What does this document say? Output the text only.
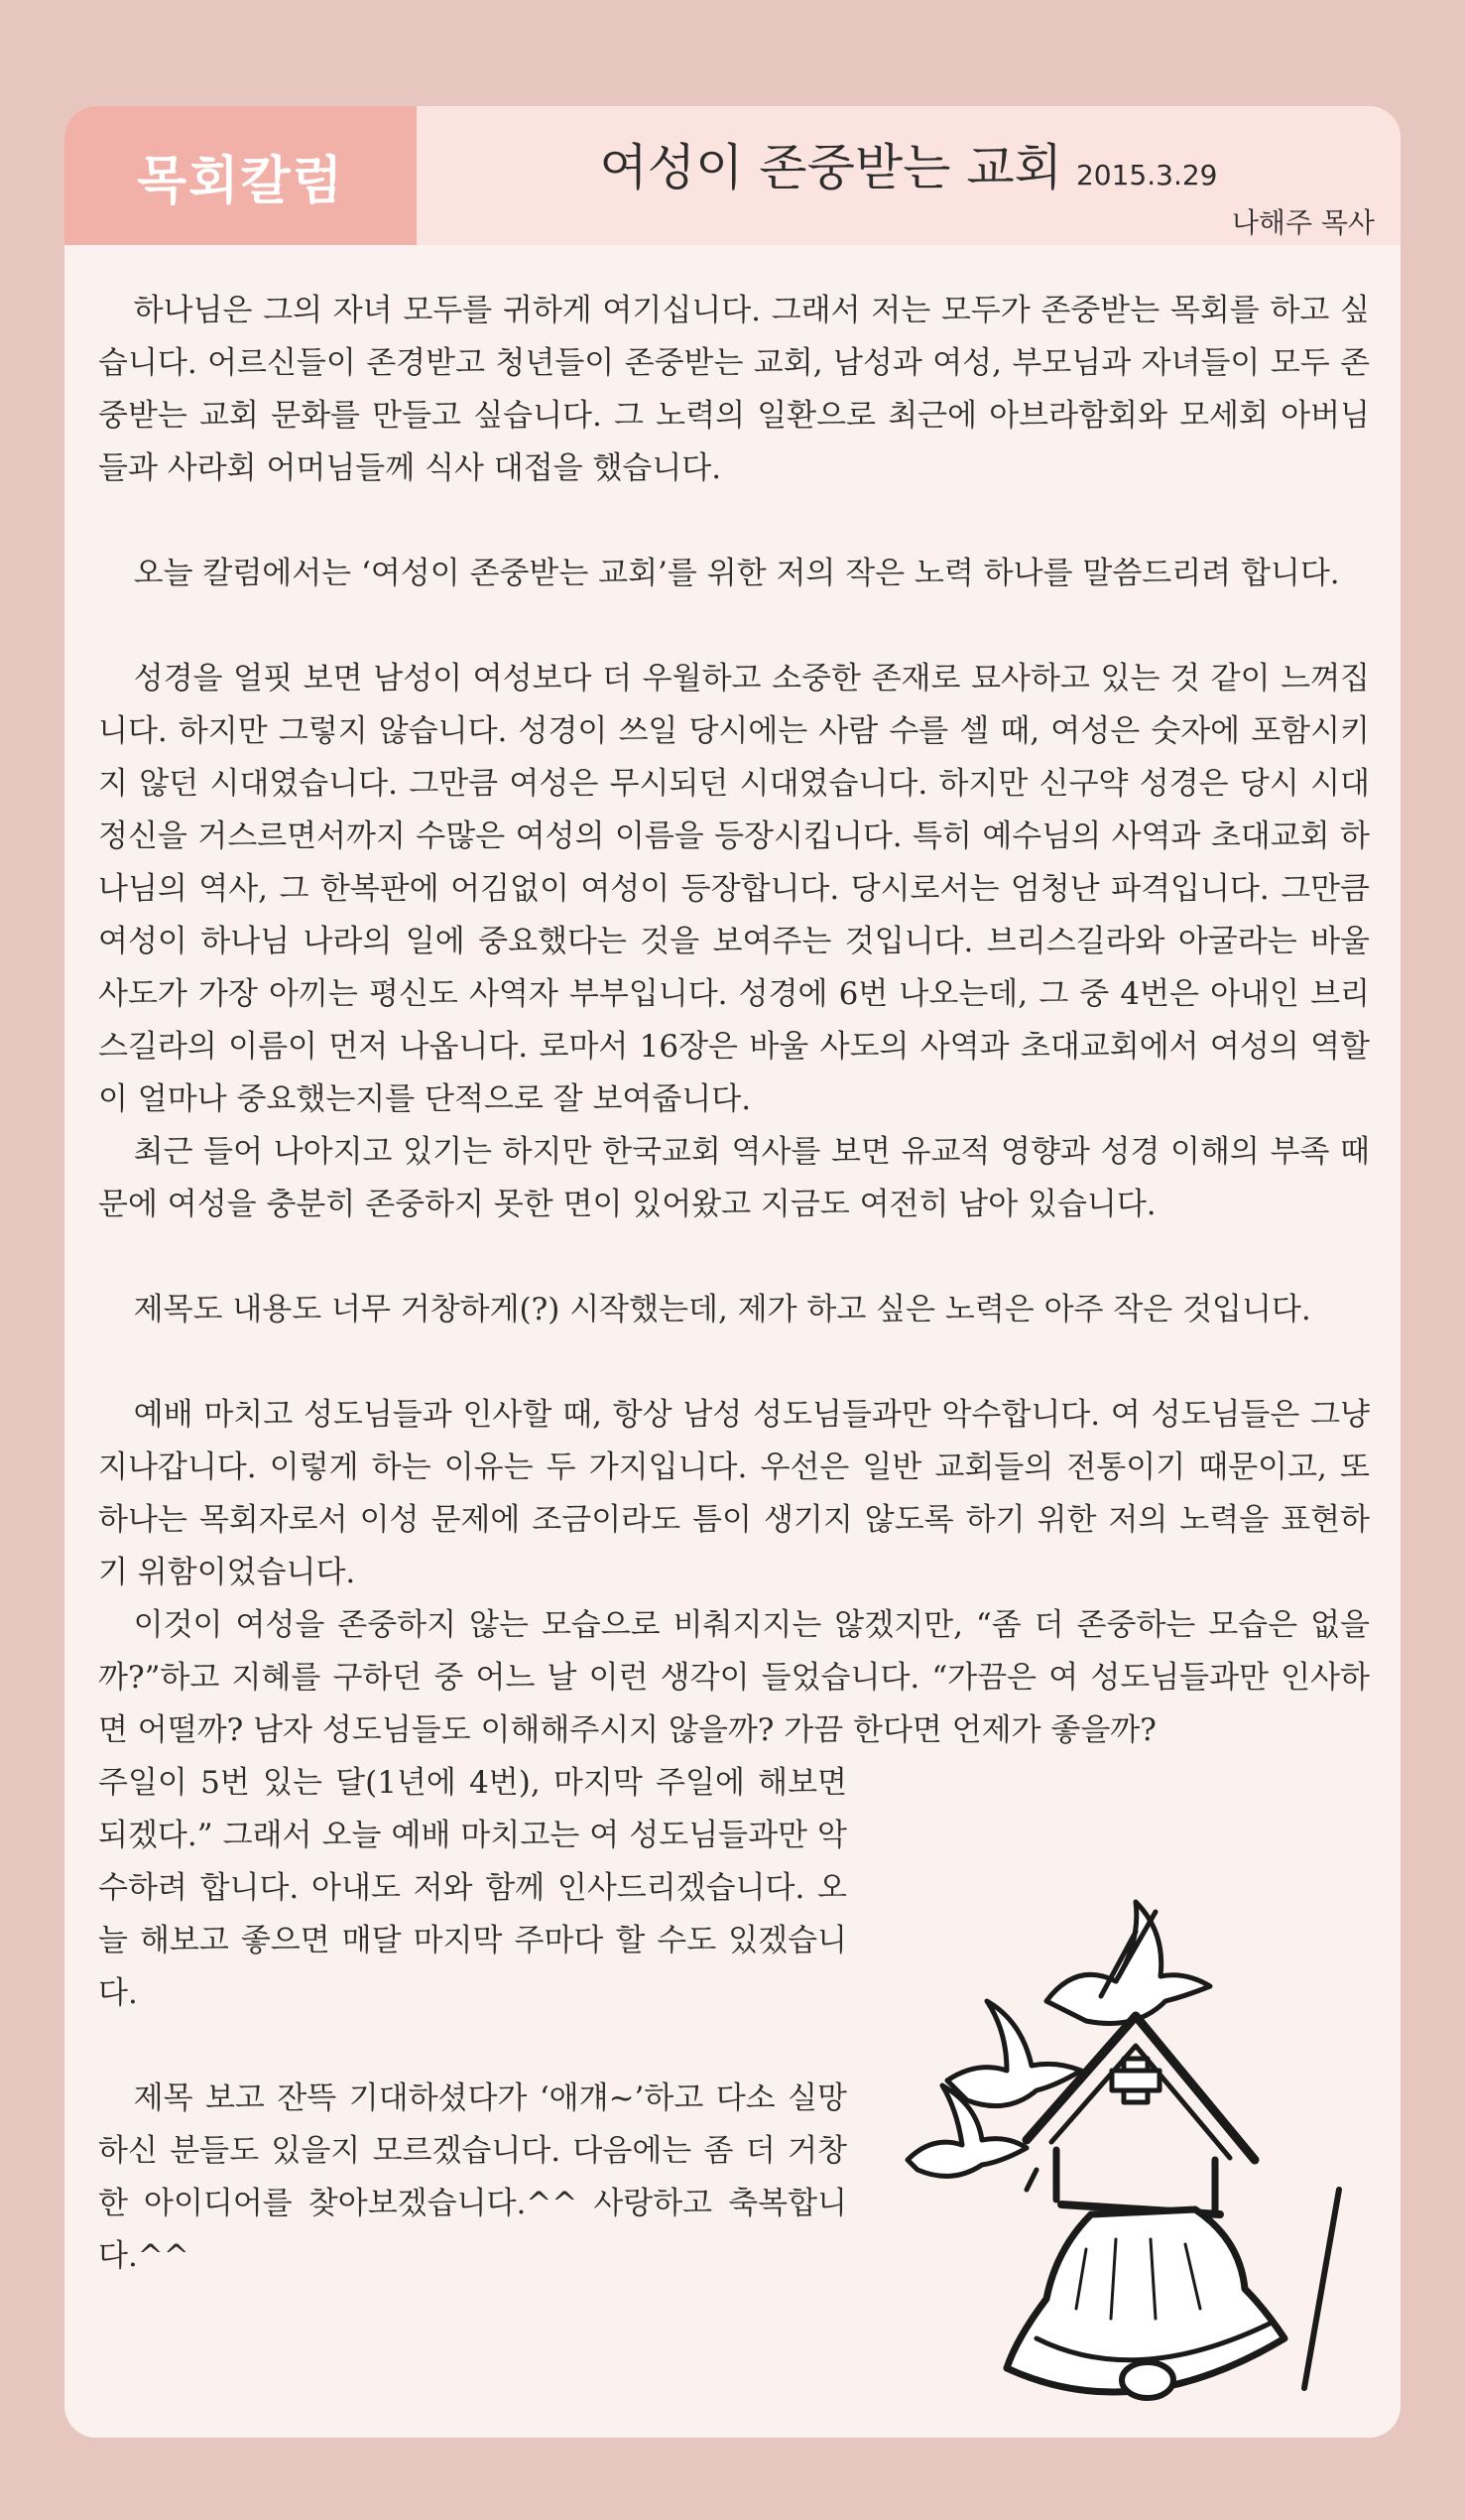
목회칼럼	여성이 존중받는 교회 2015.3.29
나해주 목사

하나님은 그의 자녀 모두를 귀하게 여기십니다. 그래서 저는 모두가 존중받는 목회를 하고 싶습니다. 어르신들이 존경받고 청년들이 존중받는 교회, 남성과 여성, 부모님과 자녀들이 모두 존중받는 교회 문화를 만들고 싶습니다. 그 노력의 일환으로 최근에 아브라함회와 모세회 아버님들과 사라회 어머님들께 식사 대접을 했습니다.

오늘 칼럼에서는 ‘여성이 존중받는 교회’를 위한 저의 작은 노력 하나를 말씀드리려 합니다.

성경을 얼핏 보면 남성이 여성보다 더 우월하고 소중한 존재로 묘사하고 있는 것 같이 느껴집니다. 하지만 그렇지 않습니다. 성경이 쓰일 당시에는 사람 수를 셀 때, 여성은 숫자에 포함시키지 않던 시대였습니다. 그만큼 여성은 무시되던 시대였습니다. 하지만 신구약 성경은 당시 시대정신을 거스르면서까지 수많은 여성의 이름을 등장시킵니다. 특히 예수님의 사역과 초대교회 하나님의 역사, 그 한복판에 어김없이 여성이 등장합니다. 당시로서는 엄청난 파격입니다. 그만큼 여성이 하나님 나라의 일에 중요했다는 것을 보여주는 것입니다. 브리스길라와 아굴라는 바울 사도가 가장 아끼는 평신도 사역자 부부입니다. 성경에 6번 나오는데, 그 중 4번은 아내인 브리스길라의 이름이 먼저 나옵니다. 로마서 16장은 바울 사도의 사역과 초대교회에서 여성의 역할이 얼마나 중요했는지를 단적으로 잘 보여줍니다.

최근 들어 나아지고 있기는 하지만 한국교회 역사를 보면 유교적 영향과 성경 이해의 부족 때문에 여성을 충분히 존중하지 못한 면이 있어왔고 지금도 여전히 남아 있습니다.

제목도 내용도 너무 거창하게(?) 시작했는데, 제가 하고 싶은 노력은 아주 작은 것입니다.

예배 마치고 성도님들과 인사할 때, 항상 남성 성도님들과만 악수합니다. 여 성도님들은 그냥 지나갑니다. 이렇게 하는 이유는 두 가지입니다. 우선은 일반 교회들의 전통이기 때문이고, 또 하나는 목회자로서 이성 문제에 조금이라도 틈이 생기지 않도록 하기 위한 저의 노력을 표현하기 위함이었습니다.

이것이 여성을 존중하지 않는 모습으로 비춰지지는 않겠지만, “좀 더 존중하는 모습은 없을까?”하고 지혜를 구하던 중 어느 날 이런 생각이 들었습니다. “가끔은 여 성도님들과만 인사하면 어떨까? 남자 성도님들도 이해해주시지 않을까? 가끔 한다면 언제가 좋을까?

주일이 5번 있는 달(1년에 4번), 마지막 주일에 해보면 되겠다.” 그래서 오늘 예배 마치고는 여 성도님들과만 악수하려 합니다. 아내도 저와 함께 인사드리겠습니다. 오늘 해보고 좋으면 매달 마지막 주마다 할 수도 있겠습니다.

제목 보고 잔뜩 기대하셨다가 ‘애걔~’하고 다소 실망하신 분들도 있을지 모르겠습니다. 다음에는 좀 더 거창한 아이디어를 찾아보겠습니다.^^ 사랑하고 축복합니다.^^
